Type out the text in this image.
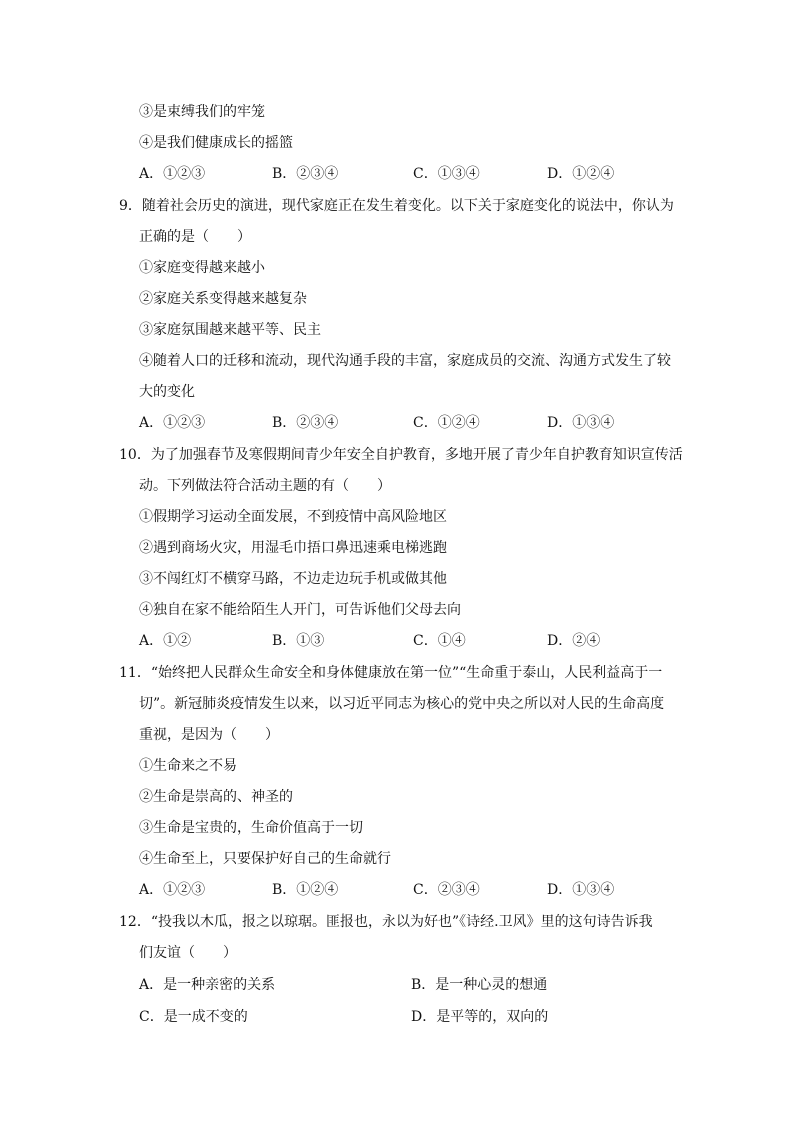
③是束缚我们的牢笼
④是我们健康成长的摇篮
A．①②③	B．②③④	C．①③④	D．①②④
9．随着社会历史的演进，现代家庭正在发生着变化。以下关于家庭变化的说法中，你认为
正确的是（　　）
①家庭变得越来越小
②家庭关系变得越来越复杂
③家庭氛围越来越平等、民主
④随着人口的迁移和流动，现代沟通手段的丰富，家庭成员的交流、沟通方式发生了较
大的变化
A．①②③	B．②③④	C．①②④	D．①③④
10．为了加强春节及寒假期间青少年安全自护教育，多地开展了青少年自护教育知识宣传活
动。下列做法符合活动主题的有（　　）
①假期学习运动全面发展，不到疫情中高风险地区
②遇到商场火灾，用湿毛巾捂口鼻迅速乘电梯逃跑
③不闯红灯不横穿马路，不边走边玩手机或做其他
④独自在家不能给陌生人开门，可告诉他们父母去向
A．①②	B．①③	C．①④	D．②④
11．“始终把人民群众生命安全和身体健康放在第一位”“生命重于泰山，人民利益高于一
切”。新冠肺炎疫情发生以来，以习近平同志为核心的党中央之所以对人民的生命高度
重视，是因为（　　）
①生命来之不易
②生命是崇高的、神圣的
③生命是宝贵的，生命价值高于一切
④生命至上，只要保护好自己的生命就行
A．①②③	B．①②④	C．②③④	D．①③④
12．“投我以木瓜，报之以琼琚。匪报也，永以为好也”《诗经.卫风》里的这句诗告诉我
们友谊（　　）
A．是一种亲密的关系	B．是一种心灵的想通
C．是一成不变的	D．是平等的，双向的
